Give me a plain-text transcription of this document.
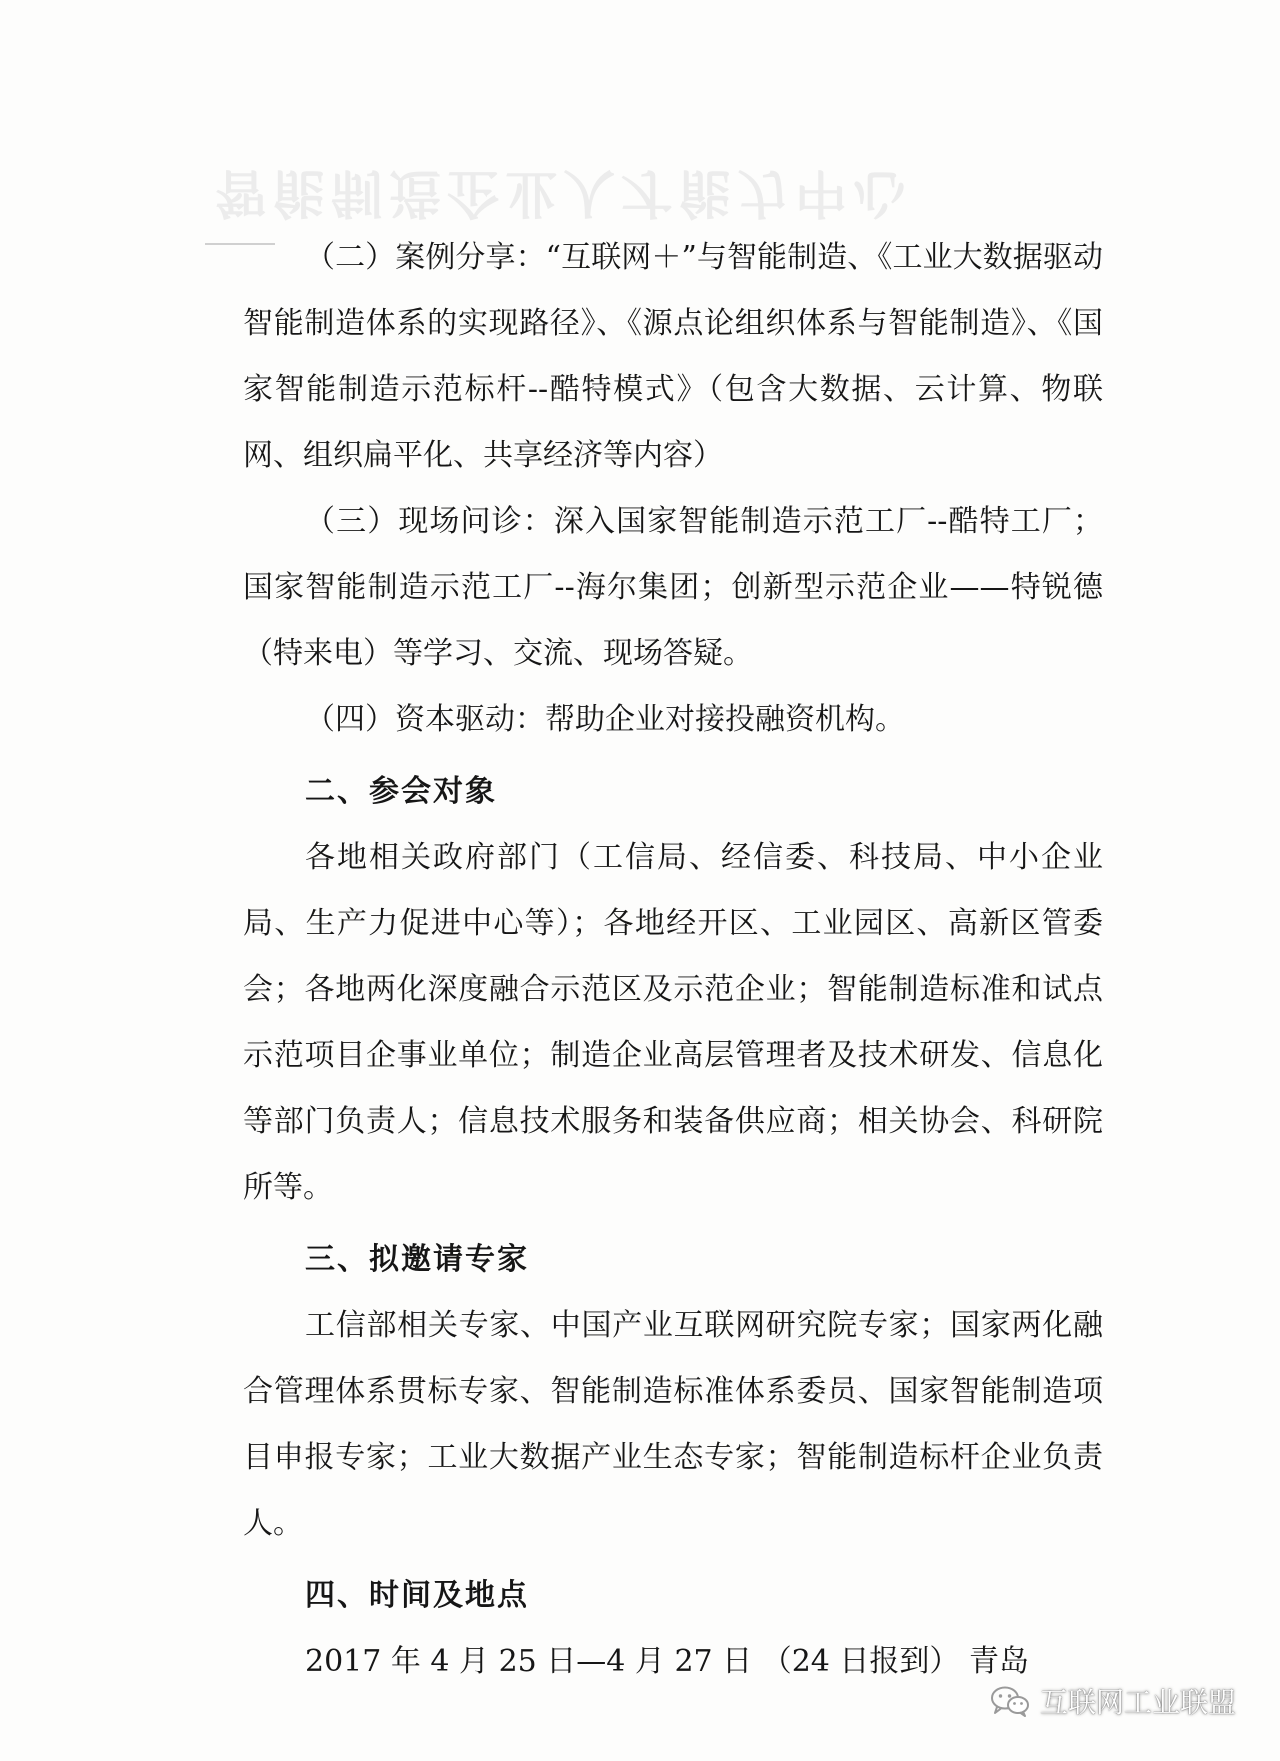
智能制造企业人才能力中心

（二）案例分享：“互联网＋”与智能制造、《工业大数据驱动智能制造体系的实现路径》、《源点论组织体系与智能制造》、《国家智能制造示范标杆--酷特模式》（包含大数据、云计算、物联网、组织扁平化、共享经济等内容）

（三）现场问诊：深入国家智能制造示范工厂--酷特工厂；国家智能制造示范工厂--海尔集团；创新型示范企业——特锐德（特来电）等学习、交流、现场答疑。

（四）资本驱动：帮助企业对接投融资机构。

二、参会对象

各地相关政府部门（工信局、经信委、科技局、中小企业局、生产力促进中心等）；各地经开区、工业园区、高新区管委会；各地两化深度融合示范区及示范企业；智能制造标准和试点示范项目企事业单位；制造企业高层管理者及技术研发、信息化等部门负责人；信息技术服务和装备供应商；相关协会、科研院所等。

三、拟邀请专家

工信部相关专家、中国产业互联网研究院专家；国家两化融合管理体系贯标专家、智能制造标准体系委员、国家智能制造项目申报专家；工业大数据产业生态专家；智能制造标杆企业负责人。

四、时间及地点

2017 年 4 月 25 日—4 月 27 日 （24 日报到） 青岛

互联网工业联盟
